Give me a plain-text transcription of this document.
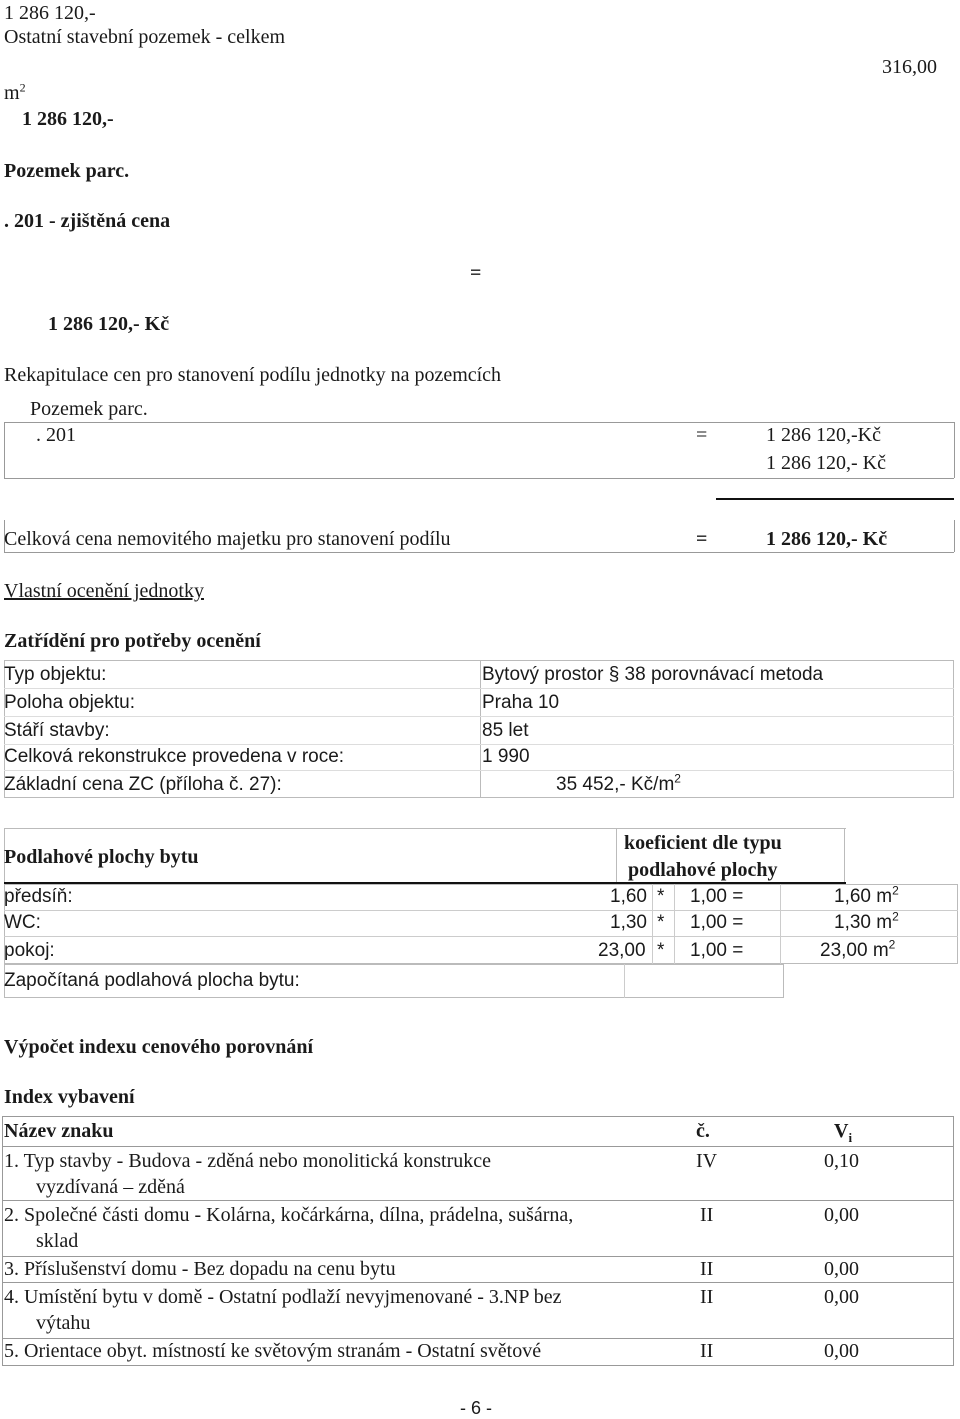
1 286 120,-
Ostatní stavební pozemek - celkem
316,00
$m^2$
1 286 120,-
Pozemek parc.
. 201 - zjištěná cena
=
1 286 120,- Kč
Rekapitulace cen pro stanovení podílu jednotky na pozemcích
Pozemek parc.
. 201	=	1 286 120,-Kč
1 286 120,- Kč
Celková cena nemovitého majetku pro stanovení podílu	=	1 286 120,- Kč
Vlastní ocenění jednotky
Zatřídění pro potřeby ocenění
Typ objektu:	Bytový prostor § 38 porovnávací metoda
Poloha objektu:	Praha 10
Stáří stavby:	85 let
Celková rekonstrukce provedena v roce:	1 990
Základní cena ZC (příloha č. 27):	35 452,- $Kč/m^2$
Podlahové plochy bytu
koeficient dle typu
podlahové plochy
předsíň:	1,60 * 1,00 =	1,60 $m^2$
WC:	1,30 * 1,00 =	1,30 $m^2$
pokoj:	23,00 * 1,00 =	23,00 $m^2$
Započítaná podlahová plocha bytu:
Výpočet indexu cenového porovnání
Index vybavení
Název znaku	č.	$V_i$
1. Typ stavby - Budova - zděná nebo monolitická konstrukce
vyzdívaná – zděná
IV	0,10
2. Společné části domu - Kolárna, kočárkárna, dílna, prádelna, sušárna,
sklad
II	0,00
3. Příslušenství domu - Bez dopadu na cenu bytu	II	0,00
4. Umístění bytu v domě - Ostatní podlaží nevyjmenované - 3.NP bez
výtahu
II	0,00
5. Orientace obyt. místností ke světovým stranám - Ostatní světové	II	0,00
- 6 -
